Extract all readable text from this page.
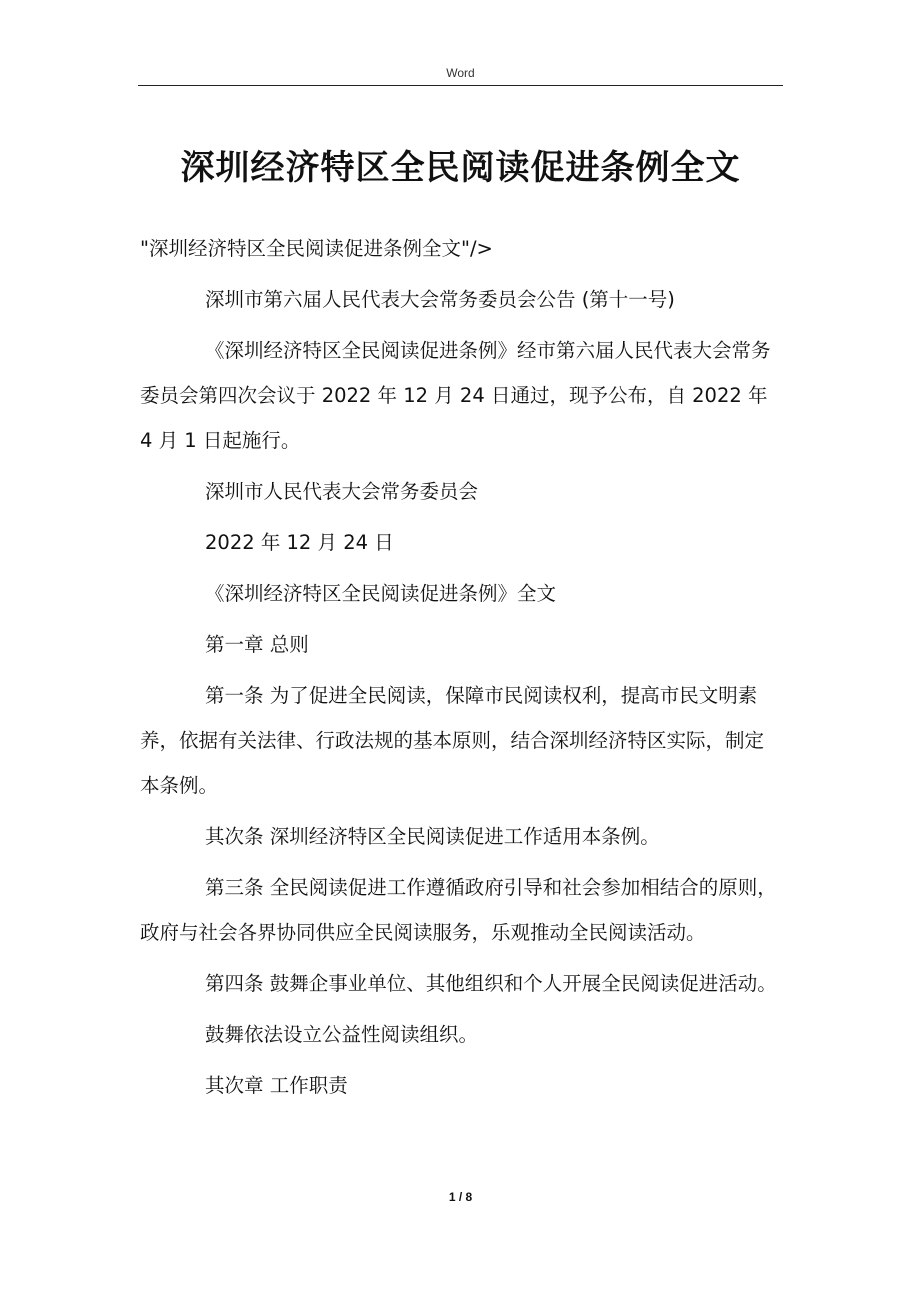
Word
深圳经济特区全民阅读促进条例全文

"深圳经济特区全民阅读促进条例全文"/>

深圳市第六届人民代表大会常务委员会公告 (第十一号)

《深圳经济特区全民阅读促进条例》经市第六届人民代表大会常务委员会第四次会议于 2022 年 12 月 24 日通过，现予公布，自 2022 年 4 月 1 日起施行。

深圳市人民代表大会常务委员会

2022 年 12 月 24 日

《深圳经济特区全民阅读促进条例》全文

第一章 总则

第一条 为了促进全民阅读，保障市民阅读权利，提高市民文明素养，依据有关法律、行政法规的基本原则，结合深圳经济特区实际，制定本条例。

其次条 深圳经济特区全民阅读促进工作适用本条例。

第三条 全民阅读促进工作遵循政府引导和社会参加相结合的原则，政府与社会各界协同供应全民阅读服务，乐观推动全民阅读活动。

第四条 鼓舞企事业单位、其他组织和个人开展全民阅读促进活动。

鼓舞依法设立公益性阅读组织。

其次章 工作职责

1 / 8
